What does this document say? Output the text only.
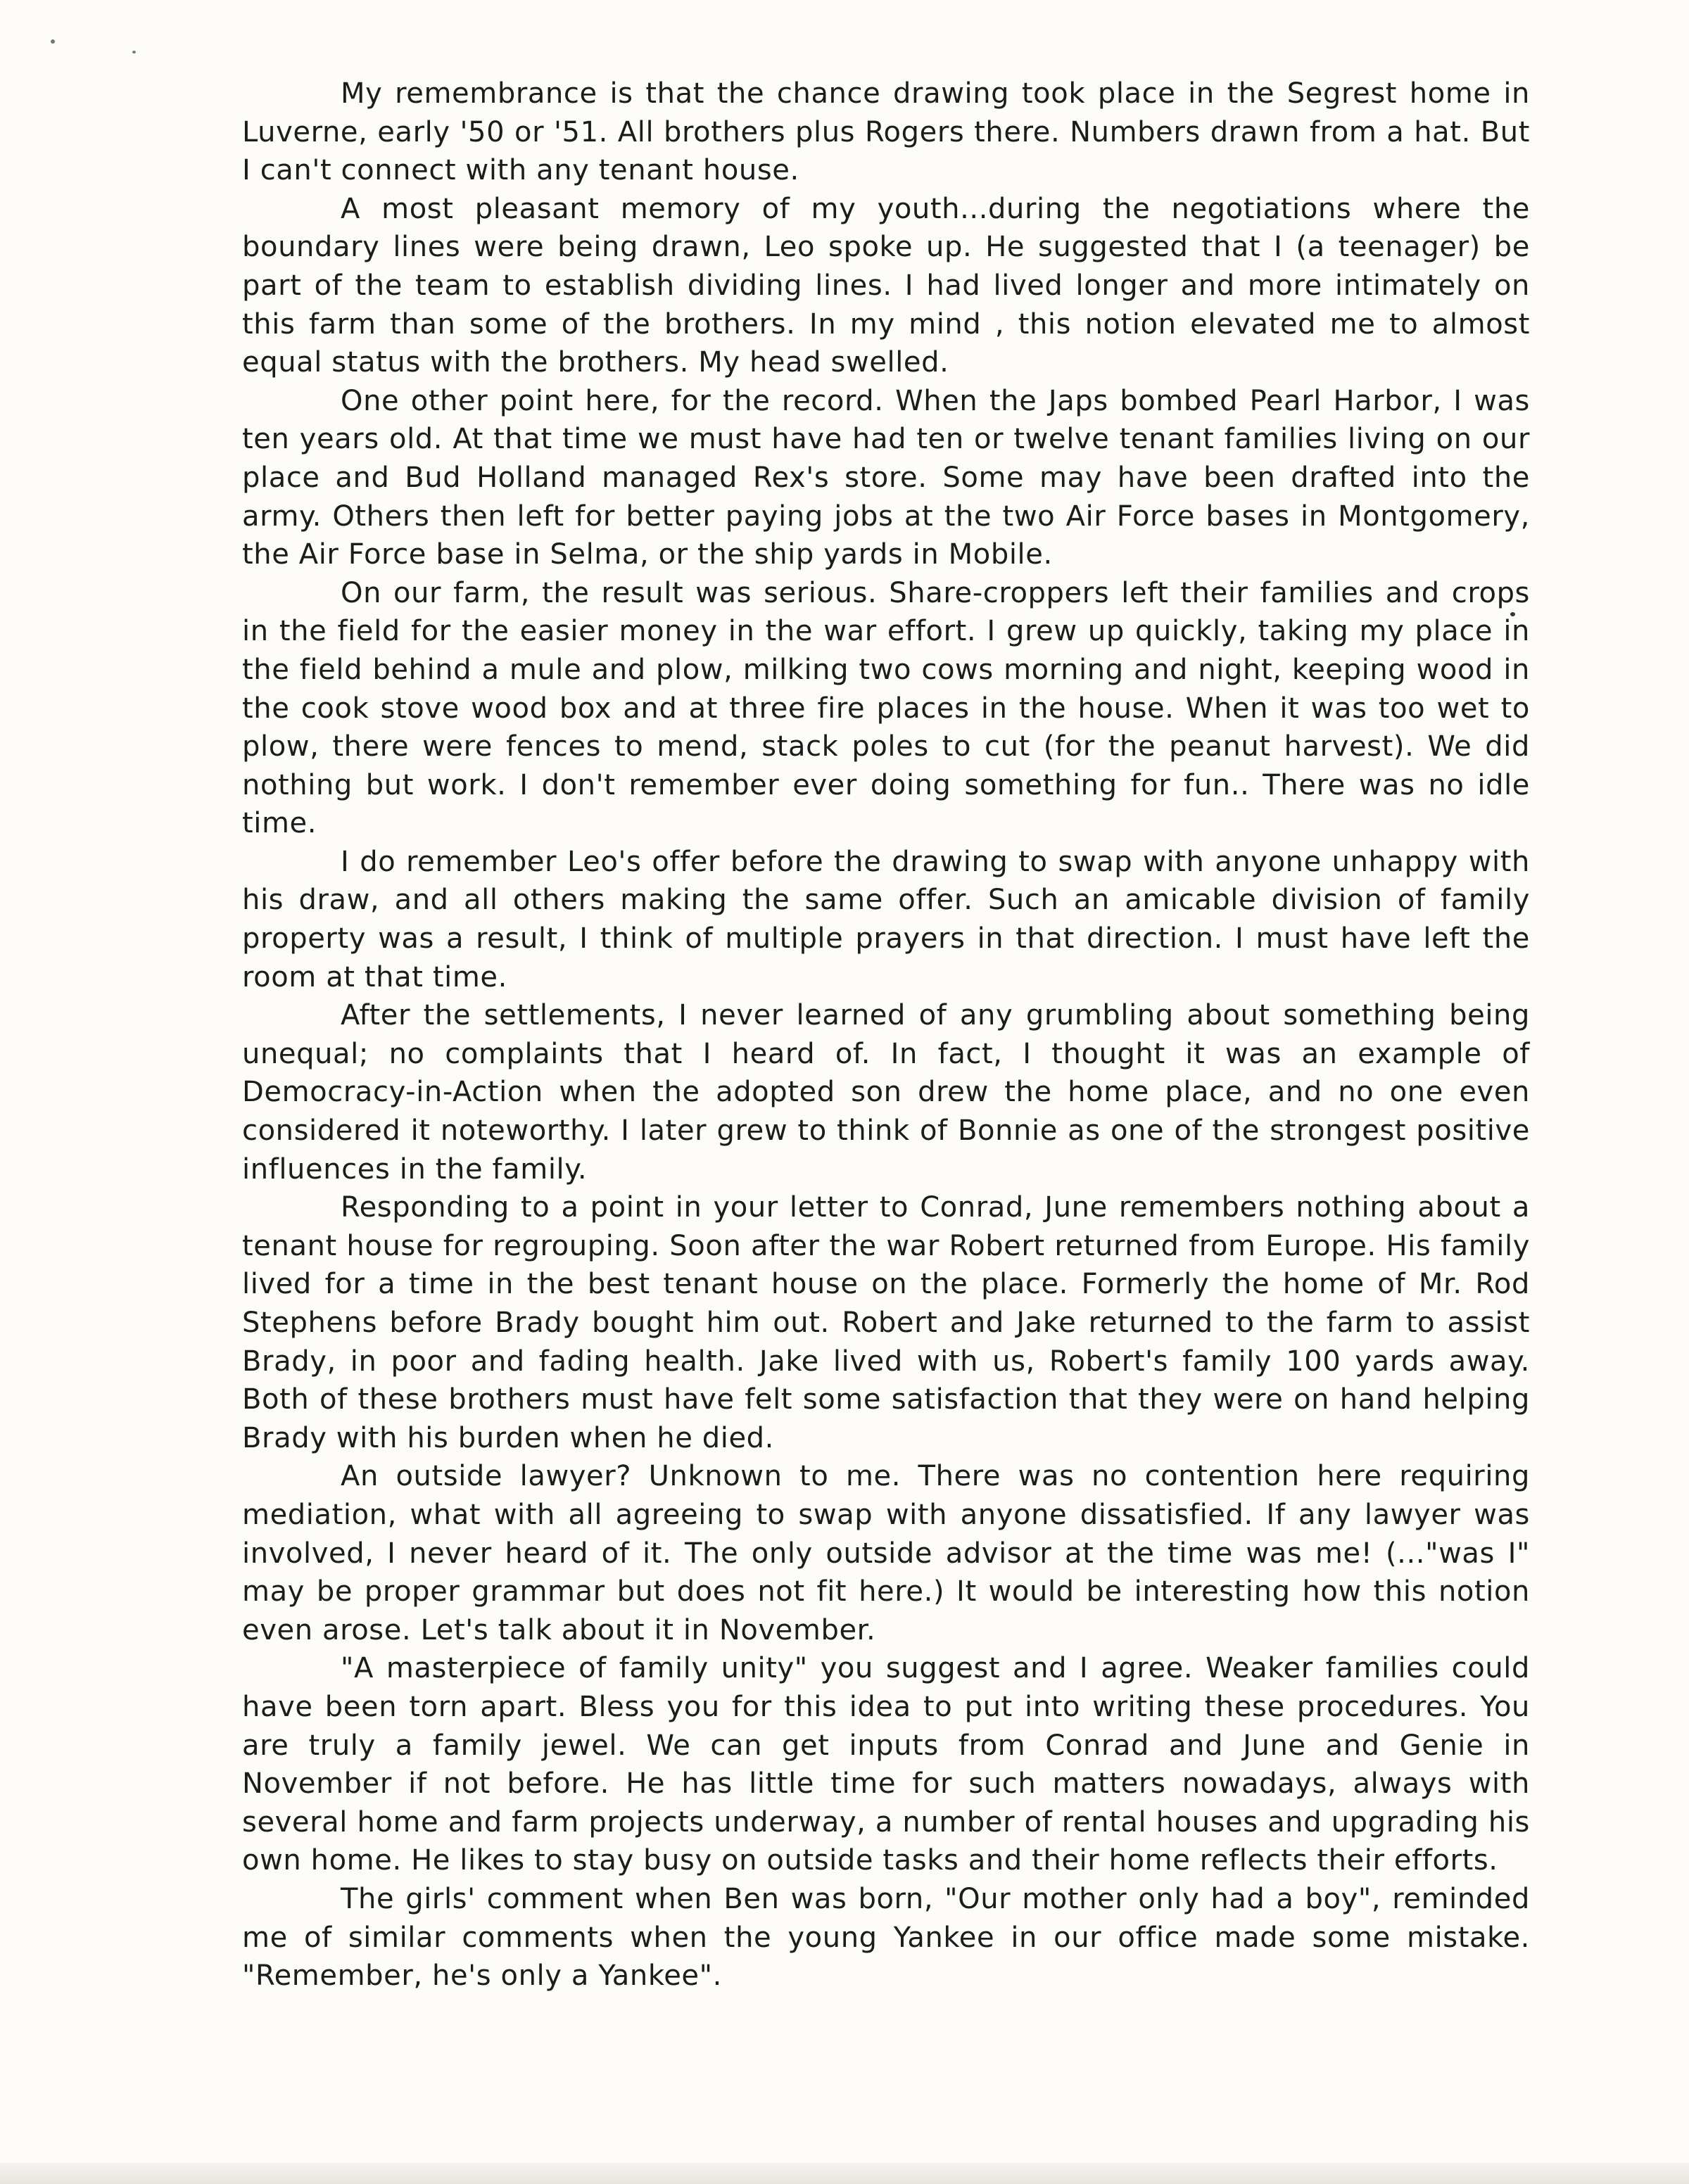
My remembrance is that the chance drawing took place in the Segrest home in Luverne, early '50 or '51. All brothers plus Rogers there. Numbers drawn from a hat. But I can't connect with any tenant house.

A most pleasant memory of my youth...during the negotiations where the boundary lines were being drawn, Leo spoke up. He suggested that I (a teenager) be part of the team to establish dividing lines. I had lived longer and more intimately on this farm than some of the brothers. In my mind , this notion elevated me to almost equal status with the brothers. My head swelled.

One other point here, for the record. When the Japs bombed Pearl Harbor, I was ten years old. At that time we must have had ten or twelve tenant families living on our place and Bud Holland managed Rex's store. Some may have been drafted into the army. Others then left for better paying jobs at the two Air Force bases in Montgomery, the Air Force base in Selma, or the ship yards in Mobile.

On our farm, the result was serious. Share-croppers left their families and crops in the field for the easier money in the war effort. I grew up quickly, taking my place in the field behind a mule and plow, milking two cows morning and night, keeping wood in the cook stove wood box and at three fire places in the house. When it was too wet to plow, there were fences to mend, stack poles to cut (for the peanut harvest). We did nothing but work. I don't remember ever doing something for fun.. There was no idle time.

I do remember Leo's offer before the drawing to swap with anyone unhappy with his draw, and all others making the same offer. Such an amicable division of family property was a result, I think of multiple prayers in that direction. I must have left the room at that time.

After the settlements, I never learned of any grumbling about something being unequal; no complaints that I heard of. In fact, I thought it was an example of Democracy-in-Action when the adopted son drew the home place, and no one even considered it noteworthy. I later grew to think of Bonnie as one of the strongest positive influences in the family.

Responding to a point in your letter to Conrad, June remembers nothing about a tenant house for regrouping. Soon after the war Robert returned from Europe. His family lived for a time in the best tenant house on the place. Formerly the home of Mr. Rod Stephens before Brady bought him out. Robert and Jake returned to the farm to assist Brady, in poor and fading health. Jake lived with us, Robert's family 100 yards away. Both of these brothers must have felt some satisfaction that they were on hand helping Brady with his burden when he died.

An outside lawyer? Unknown to me. There was no contention here requiring mediation, what with all agreeing to swap with anyone dissatisfied. If any lawyer was involved, I never heard of it. The only outside advisor at the time was me! (..."was I" may be proper grammar but does not fit here.) It would be interesting how this notion even arose. Let's talk about it in November.

"A masterpiece of family unity" you suggest and I agree. Weaker families could have been torn apart. Bless you for this idea to put into writing these procedures. You are truly a family jewel. We can get inputs from Conrad and June and Genie in November if not before. He has little time for such matters nowadays, always with several home and farm projects underway, a number of rental houses and upgrading his own home. He likes to stay busy on outside tasks and their home reflects their efforts.

The girls' comment when Ben was born, "Our mother only had a boy", reminded me of similar comments when the young Yankee in our office made some mistake. "Remember, he's only a Yankee".
